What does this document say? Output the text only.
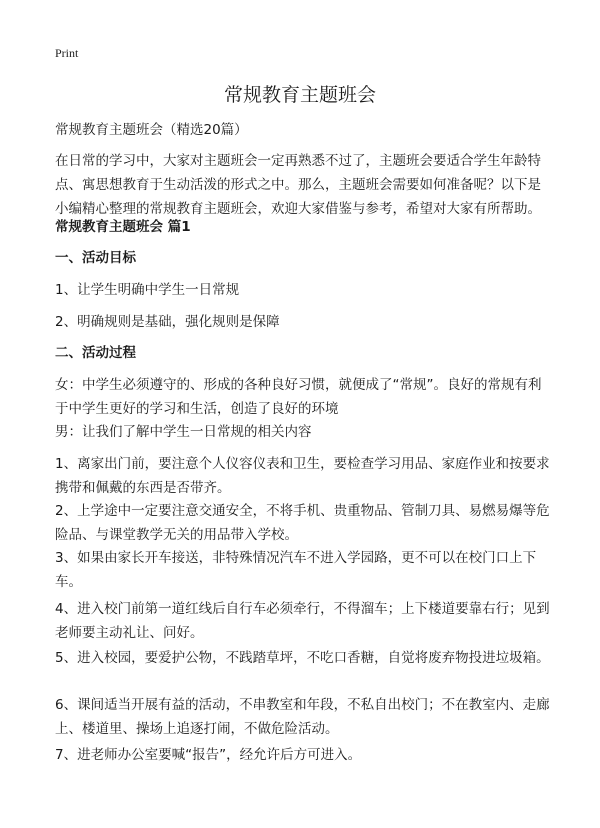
Print
常规教育主题班会

常规教育主题班会（精选20篇）

在日常的学习中，大家对主题班会一定再熟悉不过了，主题班会要适合学生年龄特点、寓思想教育于生动活泼的形式之中。那么，主题班会需要如何准备呢？以下是小编精心整理的常规教育主题班会，欢迎大家借鉴与参考，希望对大家有所帮助。

常规教育主题班会 篇1

一、活动目标

1、让学生明确中学生一日常规

2、明确规则是基础，强化规则是保障

二、活动过程

女：中学生必须遵守的、形成的各种良好习惯，就便成了“常规”。良好的常规有利于中学生更好的学习和生活，创造了良好的环境

男：让我们了解中学生一日常规的相关内容

1、离家出门前，要注意个人仪容仪表和卫生，要检查学习用品、家庭作业和按要求携带和佩戴的东西是否带齐。

2、上学途中一定要注意交通安全，不将手机、贵重物品、管制刀具、易燃易爆等危险品、与课堂教学无关的用品带入学校。

3、如果由家长开车接送，非特殊情况汽车不进入学园路，更不可以在校门口上下车。

4、进入校门前第一道红线后自行车必须牵行，不得溜车；上下楼道要靠右行；见到老师要主动礼让、问好。

5、进入校园，要爱护公物，不践踏草坪，不吃口香糖，自觉将废弃物投进垃圾箱。

6、课间适当开展有益的活动，不串教室和年段，不私自出校门；不在教室内、走廊上、楼道里、操场上追逐打闹，不做危险活动。

7、进老师办公室要喊“报告”，经允许后方可进入。
